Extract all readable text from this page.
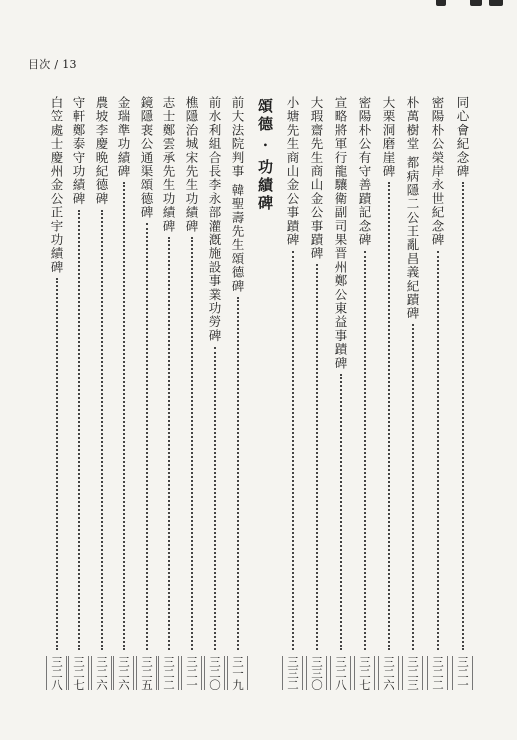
目次 / 13
同心會紀念碑
三二一
密陽朴公榮岸永世紀念碑
三二二
朴萬樹堂 都病隱二公王亂昌義紀蹟碑
三二三
大栗洞磨崖碑
三二六
密陽朴公有守善蹟記念碑
三二七
宣略將軍行龍驤衛副司果晋州鄭公東益事蹟碑
三二八
大瑕齋先生商山金公事蹟碑
三三〇
小塘先生商山金公事蹟碑
三三二
頌德 · 功績碑
前大法院判事 韓聖壽先生頌德碑
三一九
前水利組合長李永部灌漑施設事業功勞碑
三二〇
樵隱治城宋先生功績碑
三二一
志士鄭雲承先生功績碑
三二二
鏡隱裵公通渠頌德碑
三二五
金瑞準功績碑
三二六
農坡李慶晩紀德碑
三二六
守軒鄭泰守功績碑
三二七
白笠處士慶州金公正宇功績碑
三二八
